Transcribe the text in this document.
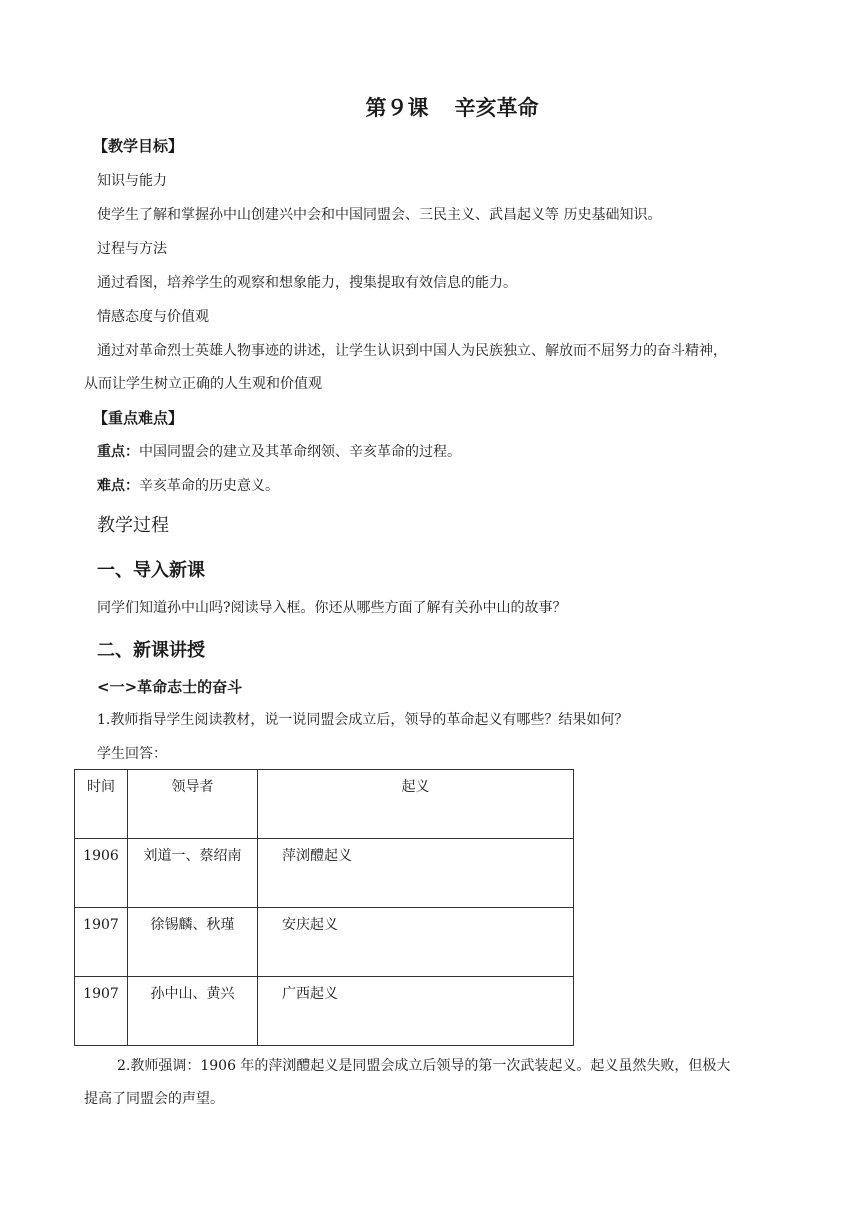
第９课 辛亥革命
【教学目标】
知识与能力
使学生了解和掌握孙中山创建兴中会和中国同盟会、三民主义、武昌起义等 历史基础知识。
过程与方法
通过看图，培养学生的观察和想象能力，搜集提取有效信息的能力。
情感态度与价值观
通过对革命烈士英雄人物事迹的讲述，让学生认识到中国人为民族独立、解放而不屈努力的奋斗精神，
从而让学生树立正确的人生观和价值观
【重点难点】
重点：中国同盟会的建立及其革命纲领、辛亥革命的过程。
难点：辛亥革命的历史意义。
教学过程
一、导入新课
同学们知道孙中山吗?阅读导入框。你还从哪些方面了解有关孙中山的故事？
二、新课讲授
<一>革命志士的奋斗
1.教师指导学生阅读教材，说一说同盟会成立后，领导的革命起义有哪些？结果如何？
学生回答：
时间	领导者	起义
1906	刘道一、蔡绍南	萍浏醴起义
1907	徐锡麟、秋瑾	安庆起义
1907	孙中山、黄兴	广西起义
2.教师强调：1906 年的萍浏醴起义是同盟会成立后领导的第一次武装起义。起义虽然失败，但极大
提高了同盟会的声望。
